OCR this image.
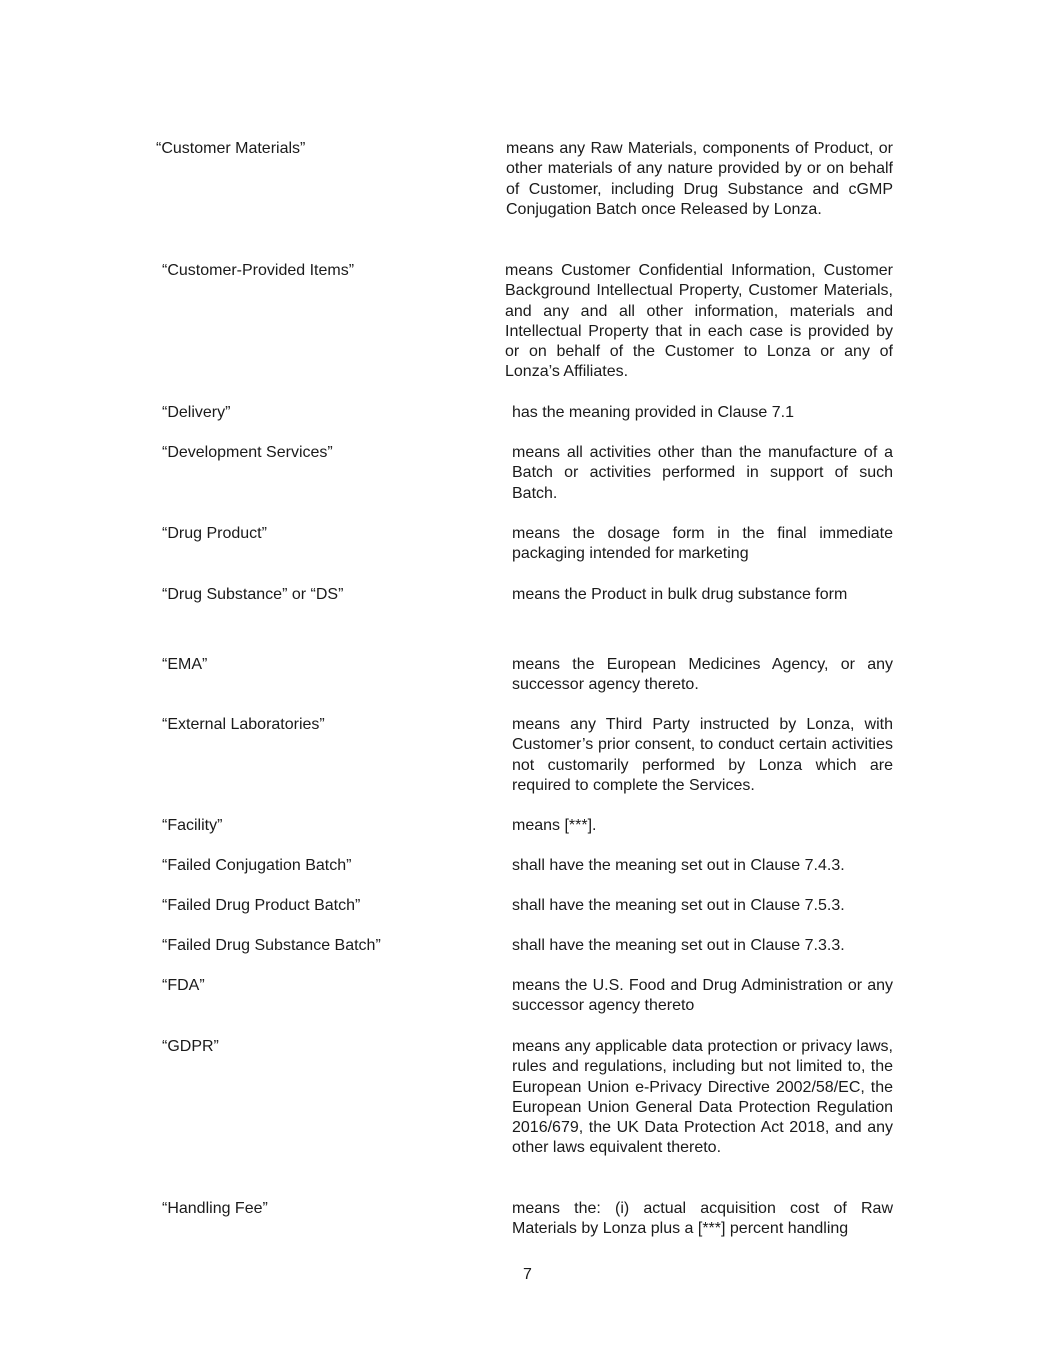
“Customer Materials”	means any Raw Materials, components of Product, or other materials of any nature provided by or on behalf of Customer, including Drug Substance and cGMP Conjugation Batch once Released by Lonza.
“Customer-Provided Items”	means Customer Confidential Information, Customer Background Intellectual Property, Customer Materials, and any and all other information, materials and Intellectual Property that in each case is provided by or on behalf of the Customer to Lonza or any of Lonza’s Affiliates.
“Delivery”	has the meaning provided in Clause 7.1
“Development Services”	means all activities other than the manufacture of a Batch or activities performed in support of such Batch.
“Drug Product”	means the dosage form in the final immediate packaging intended for marketing
“Drug Substance” or “DS”	means the Product in bulk drug substance form
“EMA”	means the European Medicines Agency, or any successor agency thereto.
“External Laboratories”	means any Third Party instructed by Lonza, with Customer’s prior consent, to conduct certain activities not customarily performed by Lonza which are required to complete the Services.
“Facility”	means [***].
“Failed Conjugation Batch”	shall have the meaning set out in Clause 7.4.3.
“Failed Drug Product Batch”	shall have the meaning set out in Clause 7.5.3.
“Failed Drug Substance Batch”	shall have the meaning set out in Clause 7.3.3.
“FDA”	means the U.S. Food and Drug Administration or any successor agency thereto
“GDPR”	means any applicable data protection or privacy laws, rules and regulations, including but not limited to, the European Union e-Privacy Directive 2002/58/EC, the European Union General Data Protection Regulation 2016/679, the UK Data Protection Act 2018, and any other laws equivalent thereto.
“Handling Fee”	means the: (i) actual acquisition cost of Raw Materials by Lonza plus a [***] percent handling
7
